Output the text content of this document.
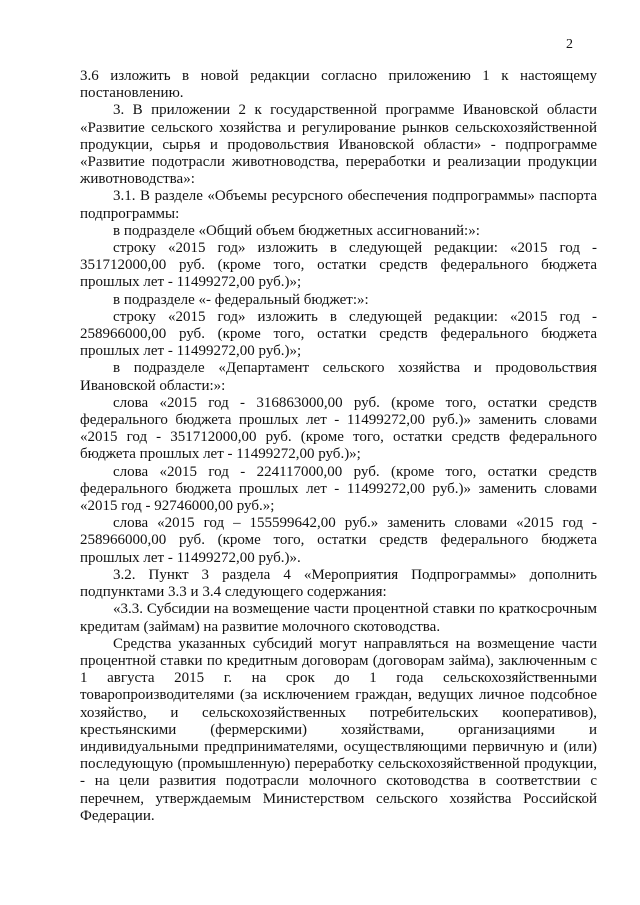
2

3.6 изложить в новой редакции согласно приложению 1 к настоящему постановлению.

3. В приложении 2 к государственной программе Ивановской области «Развитие сельского хозяйства и регулирование рынков сельскохозяйственной продукции, сырья и продовольствия Ивановской области» - подпрограмме «Развитие подотрасли животноводства, переработки и реализации продукции животноводства»:

3.1. В разделе «Объемы ресурсного обеспечения подпрограммы» паспорта подпрограммы:

в подразделе «Общий объем бюджетных ассигнований:»:

строку «2015 год» изложить в следующей редакции: «2015 год - 351712000,00 руб. (кроме того, остатки средств федерального бюджета прошлых лет - 11499272,00 руб.)»;

в подразделе «- федеральный бюджет:»:

строку «2015 год» изложить в следующей редакции: «2015 год - 258966000,00 руб. (кроме того, остатки средств федерального бюджета прошлых лет - 11499272,00 руб.)»;

в подразделе «Департамент сельского хозяйства и продовольствия Ивановской области:»:

слова «2015 год - 316863000,00 руб. (кроме того, остатки средств федерального бюджета прошлых лет - 11499272,00 руб.)» заменить словами «2015 год - 351712000,00 руб. (кроме того, остатки средств федерального бюджета прошлых лет - 11499272,00 руб.)»;

слова «2015 год - 224117000,00 руб. (кроме того, остатки средств федерального бюджета прошлых лет - 11499272,00 руб.)» заменить словами «2015 год - 92746000,00 руб.»;

слова «2015 год – 155599642,00 руб.» заменить словами «2015 год - 258966000,00 руб. (кроме того, остатки средств федерального бюджета прошлых лет - 11499272,00 руб.)».

3.2. Пункт 3 раздела 4 «Мероприятия Подпрограммы» дополнить подпунктами 3.3 и 3.4 следующего содержания:

«3.3. Субсидии на возмещение части процентной ставки по краткосрочным кредитам (займам) на развитие молочного скотоводства.

Средства указанных субсидий могут направляться на возмещение части процентной ставки по кредитным договорам (договорам займа), заключенным с 1 августа 2015 г. на срок до 1 года сельскохозяйственными товаропроизводителями (за исключением граждан, ведущих личное подсобное хозяйство, и сельскохозяйственных потребительских кооперативов), крестьянскими (фермерскими) хозяйствами, организациями и индивидуальными предпринимателями, осуществляющими первичную и (или) последующую (промышленную) переработку сельскохозяйственной продукции, - на цели развития подотрасли молочного скотоводства в соответствии с перечнем, утверждаемым Министерством сельского хозяйства Российской Федерации.
